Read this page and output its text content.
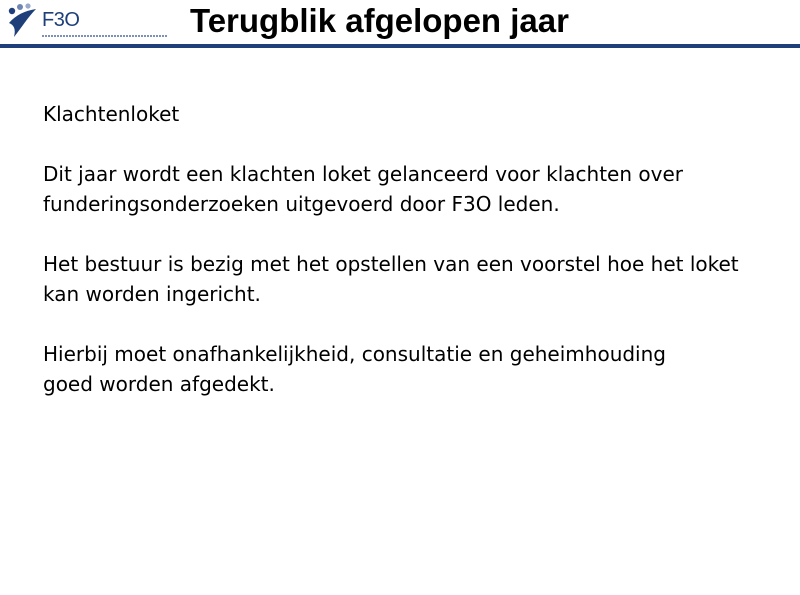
F3O	Terugblik afgelopen jaar

Klachtenloket

Dit jaar wordt een klachten loket gelanceerd voor klachten over
funderingsonderzoeken uitgevoerd door F3O leden.

Het bestuur is bezig met het opstellen van een voorstel hoe het loket
kan worden ingericht.

Hierbij moet onafhankelijkheid, consultatie en geheimhouding
goed worden afgedekt.
